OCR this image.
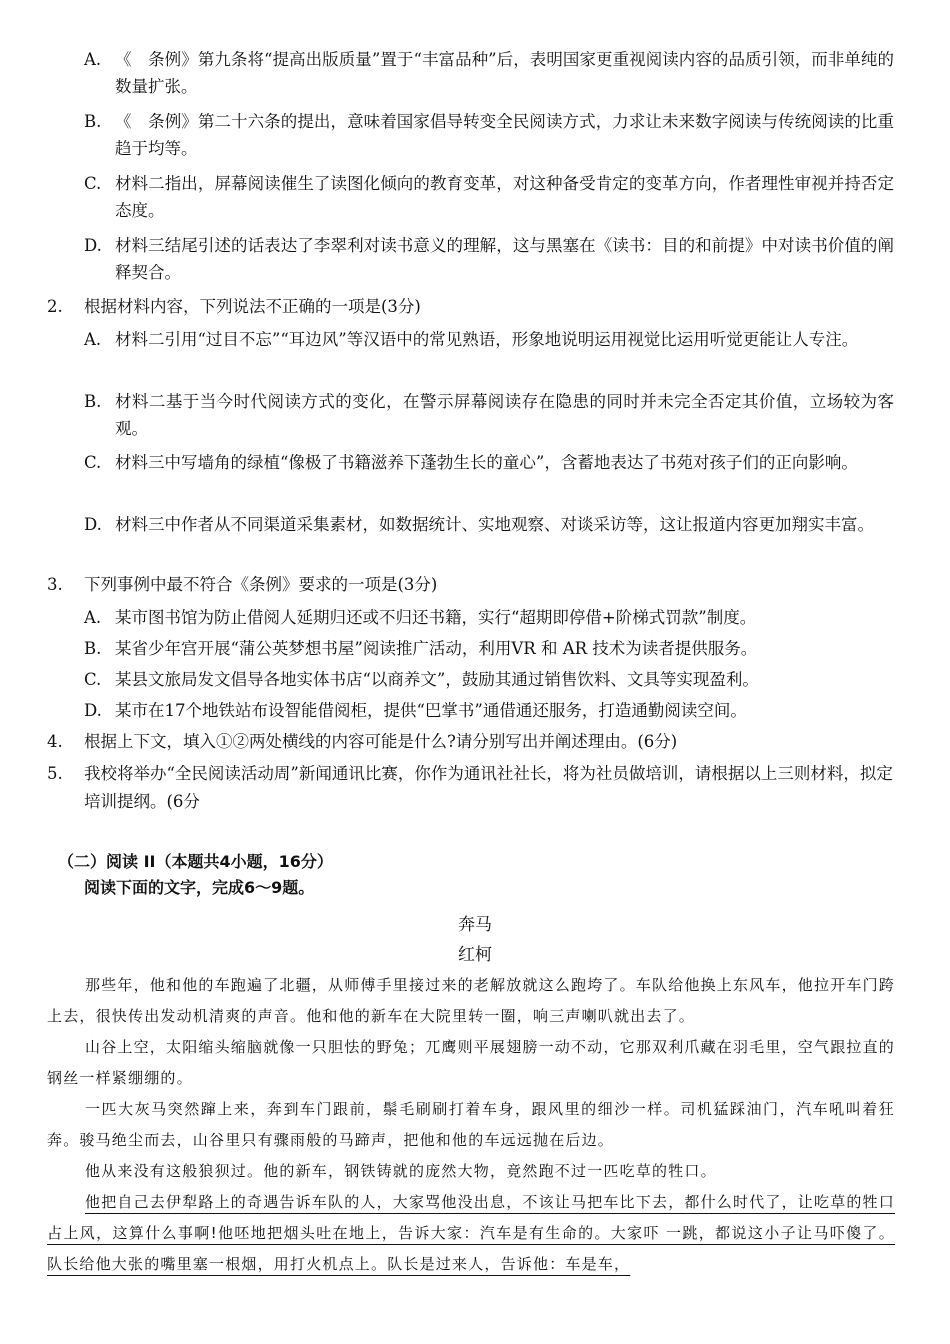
A. 《　条例》第九条将“提高出版质量”置于“丰富品种”后，表明国家更重视阅读内容的品质引领，而非单纯的数量扩张。
B. 《　条例》第二十六条的提出，意味着国家倡导转变全民阅读方式，力求让未来数字阅读与传统阅读的比重趋于均等。
C. 材料二指出，屏幕阅读催生了读图化倾向的教育变革，对这种备受肯定的变革方向，作者理性审视并持否定态度。
D. 材料三结尾引述的话表达了李翠利对读书意义的理解，这与黑塞在《读书：目的和前提》中对读书价值的阐释契合。
2.	根据材料内容，下列说法不正确的一项是(3分)
A. 材料二引用“过目不忘”“耳边风”等汉语中的常见熟语，形象地说明运用视觉比运用听觉更能让人专注。
B. 材料二基于当今时代阅读方式的变化，在警示屏幕阅读存在隐患的同时并未完全否定其价值，立场较为客观。
C. 材料三中写墙角的绿植“像极了书籍滋养下蓬勃生长的童心”，含蓄地表达了书苑对孩子们的正向影响。
D. 材料三中作者从不同渠道采集素材，如数据统计、实地观察、对谈采访等，这让报道内容更加翔实丰富。
3.	下列事例中最不符合《条例》要求的一项是(3分)
A. 某市图书馆为防止借阅人延期归还或不归还书籍，实行“超期即停借+阶梯式罚款”制度。
B. 某省少年宫开展“蒲公英梦想书屋”阅读推广活动，利用VR 和 AR 技术为读者提供服务。
C. 某县文旅局发文倡导各地实体书店“以商养文”，鼓励其通过销售饮料、文具等实现盈利。
D. 某市在17个地铁站布设智能借阅柜，提供“巴掌书”通借通还服务，打造通勤阅读空间。
4.	根据上下文，填入①②两处横线的内容可能是什么?请分别写出并阐述理由。(6分)
5.	我校将举办“全民阅读活动周”新闻通讯比赛，你作为通讯社社长，将为社员做培训，请根据以上三则材料，拟定培训提纲。(6分
（二）阅读 II（本题共4小题，16分）
阅读下面的文字，完成6～9题。
奔马
红柯
那些年，他和他的车跑遍了北疆，从师傅手里接过来的老解放就这么跑垮了。车队给他换上东风车，他拉开车门跨上去，很快传出发动机清爽的声音。他和他的新车在大院里转一圈，响三声喇叭就出去了。
山谷上空，太阳缩头缩脑就像一只胆怯的野兔；兀鹰则平展翅膀一动不动，它那双利爪藏在羽毛里，空气跟拉直的钢丝一样紧绷绷的。
一匹大灰马突然蹿上来，奔到车门跟前，鬃毛刷刷打着车身，跟风里的细沙一样。司机猛踩油门，汽车吼叫着狂奔。骏马绝尘而去，山谷里只有骤雨般的马蹄声，把他和他的车远远抛在后边。
他从来没有这般狼狈过。他的新车，钢铁铸就的庞然大物，竟然跑不过一匹吃草的牲口。
他把自己去伊犁路上的奇遇告诉车队的人，大家骂他没出息，不该让马把车比下去，都什么时代了，让吃草的牲口占上风，这算什么事啊!他呸地把烟头吐在地上，告诉大家：汽车是有生命的。大家吓 一跳，都说这小子让马吓傻了。队长给他大张的嘴里塞一根烟，用打火机点上。队长是过来人，告诉他：车是车，
